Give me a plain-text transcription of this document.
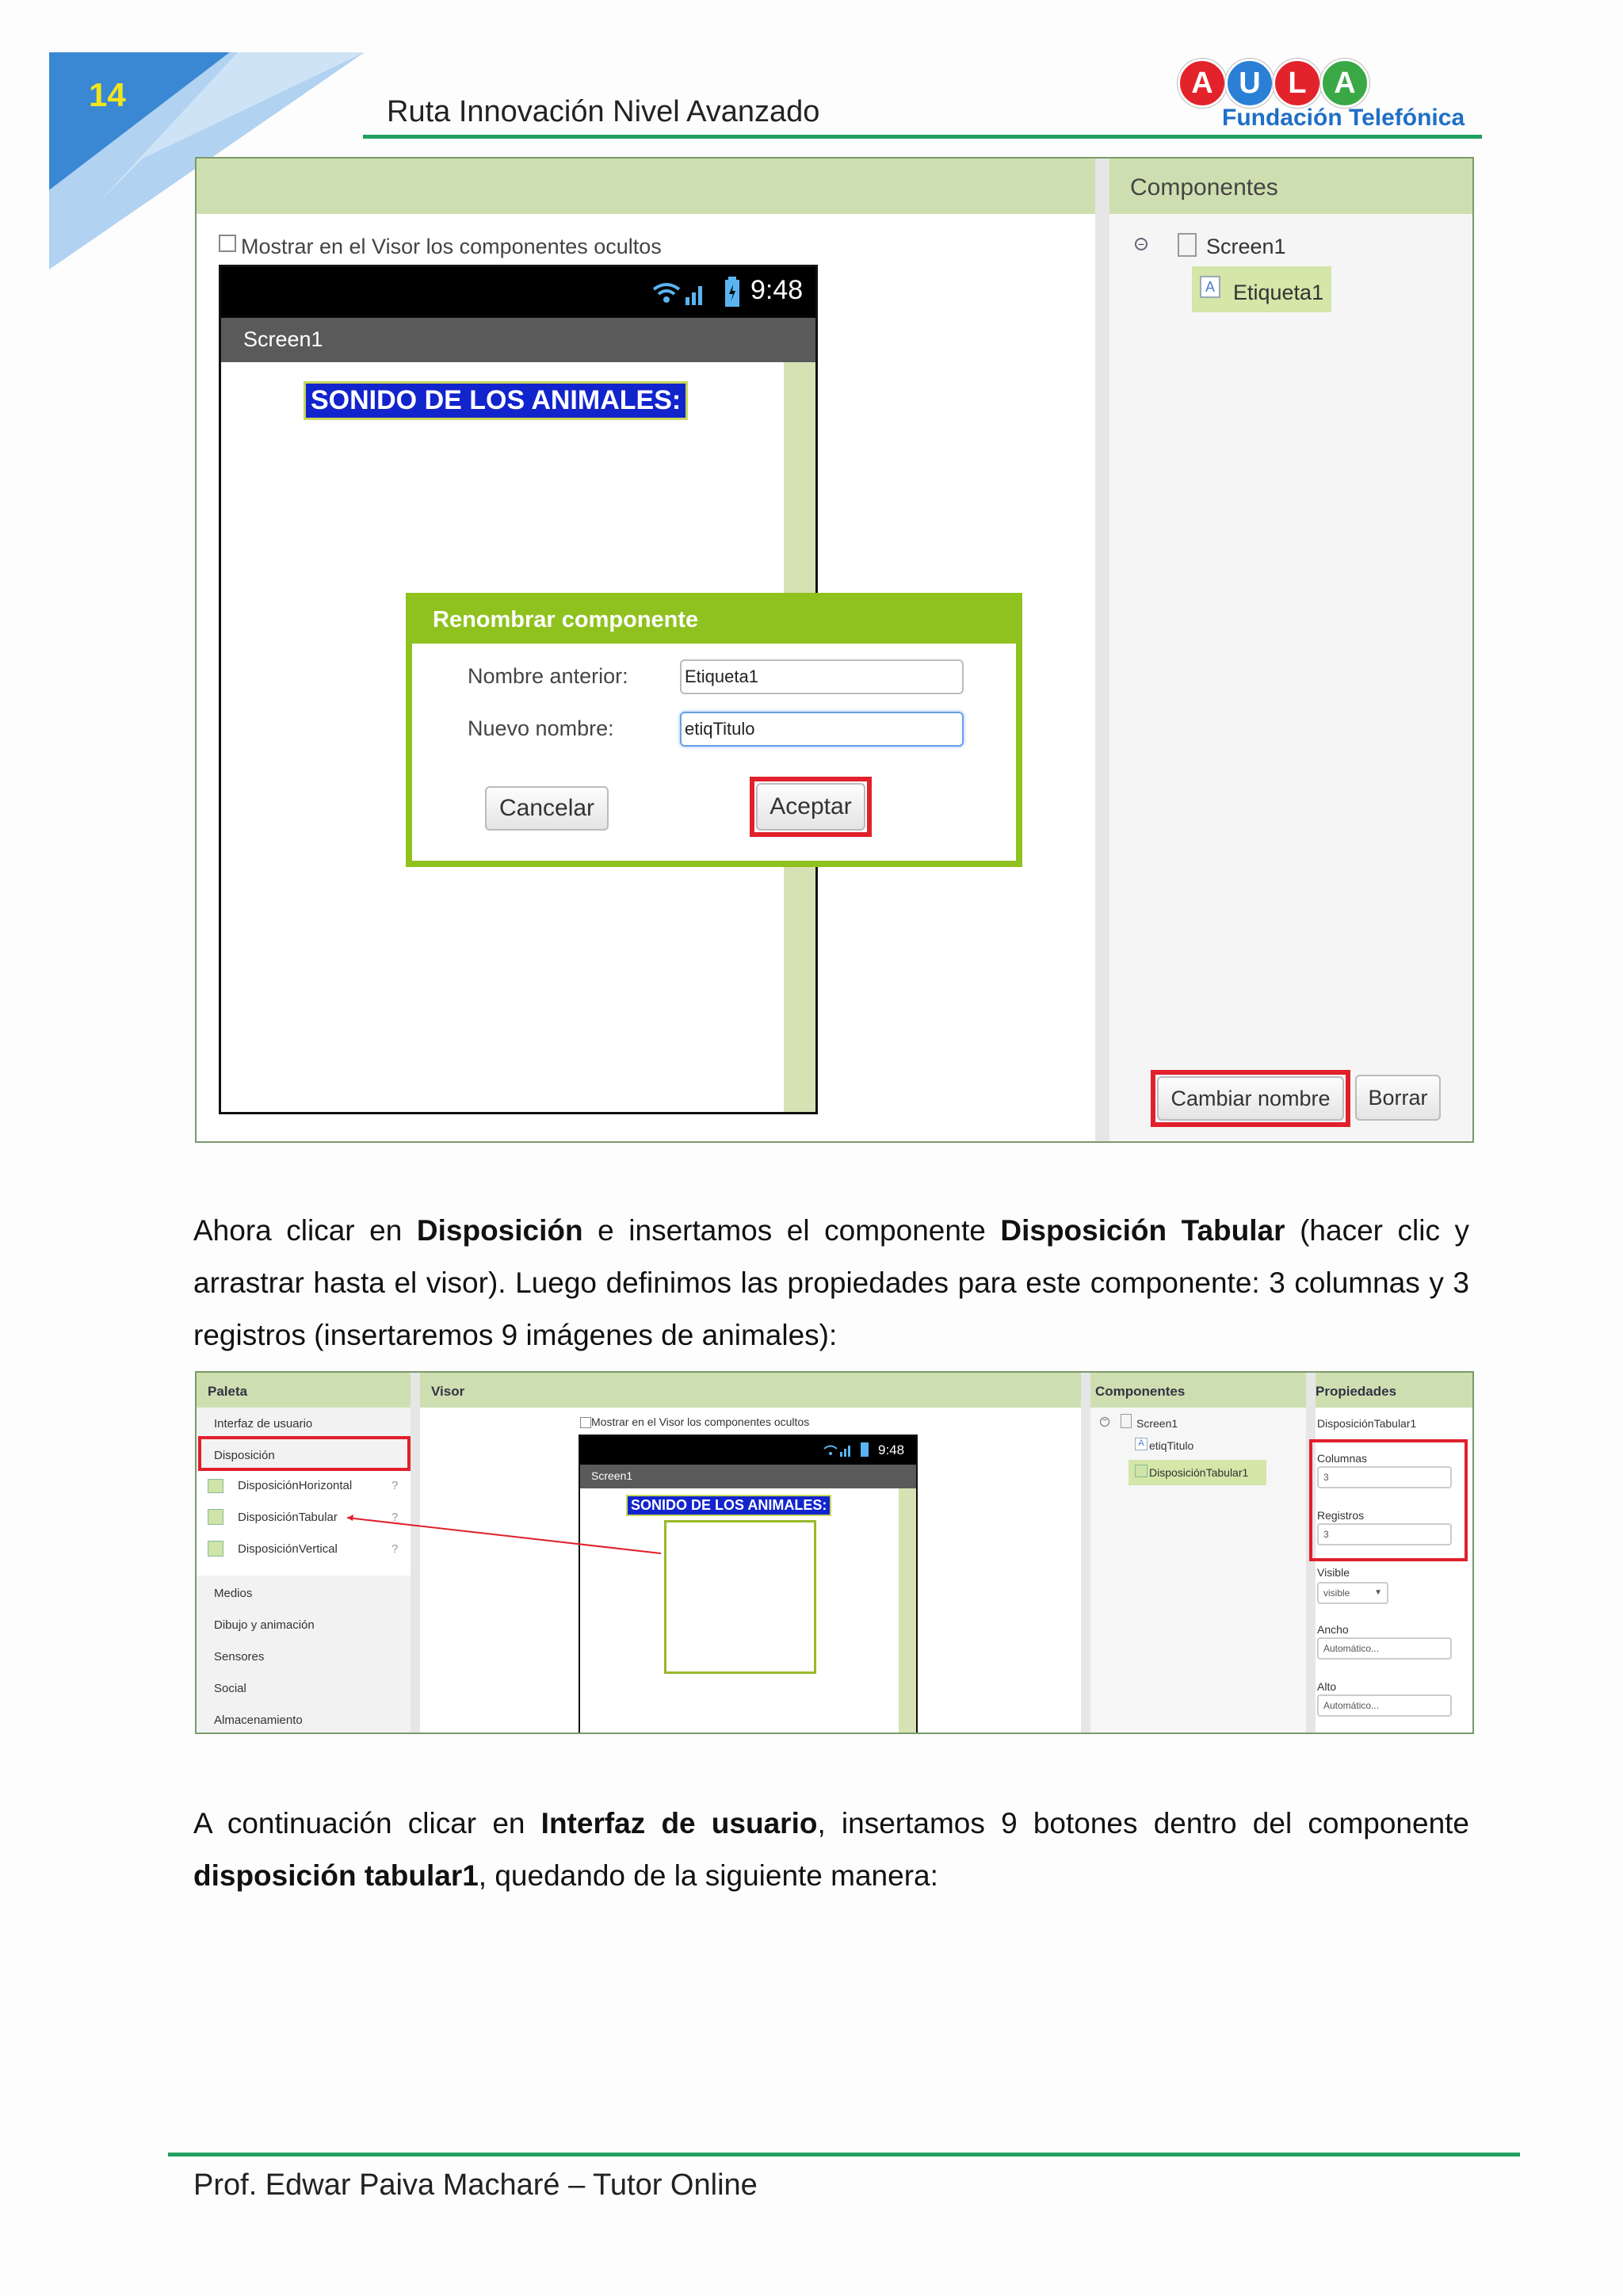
14	Ruta Innovación Nivel Avanzado
A U L A
Fundación Telefónica
Componentes
Mostrar en el Visor los componentes ocultos
9:48
Screen1
SONIDO DE LOS ANIMALES:
Renombrar componente
Nombre anterior:	Etiqueta1
Nuevo nombre:	etiqTitulo
Cancelar	Aceptar
−	Screen1
A Etiqueta1
Cambiar nombre	Borrar
Ahora clicar en Disposición e insertamos el componente Disposición Tabular (hacer clic y arrastrar hasta el visor). Luego definimos las propiedades para este componente: 3 columnas y 3 registros (insertaremos 9 imágenes de animales):
Paleta	Visor	Componentes	Propiedades
Interfaz de usuario
Disposición
DisposiciónHorizontal
DisposiciónTabular
DisposiciónVertical
?
?
?
Medios
Dibujo y animación
Sensores
Social
Almacenamiento
Mostrar en el Visor los componentes ocultos
9:48
Screen1
SONIDO DE LOS ANIMALES:
−	Screen1
A etiqTitulo
DisposiciónTabular1
DisposiciónTabular1
Columnas
3
Registros
3
Visible
visible	▼
Ancho
Automático...
Alto
Automático...
A continuación clicar en Interfaz de usuario, insertamos 9 botones dentro del componente disposición tabular1, quedando de la siguiente manera:
Prof. Edwar Paiva Macharé – Tutor Online
